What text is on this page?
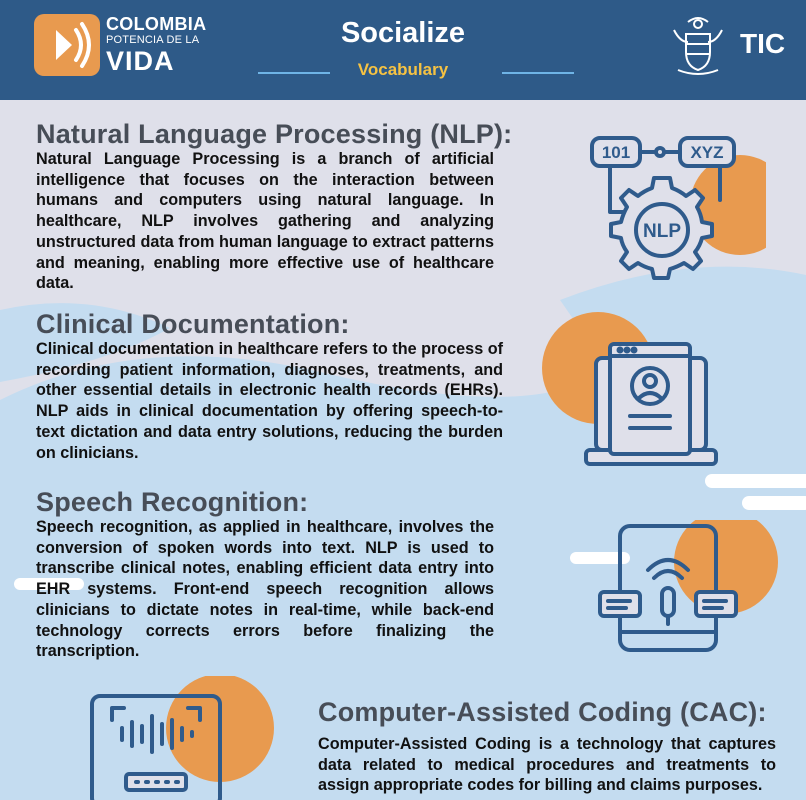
COLOMBIA
POTENCIA DE LA
VIDA
Socialize
Vocabulary
TIC
Natural Language Processing (NLP):

Natural Language Processing is a branch of artificial intelligence that focuses on the interaction between humans and computers using natural language. In healthcare, NLP involves gathering and analyzing unstructured data from human language to extract patterns and meaning, enabling more effective use of healthcare data.

101	XYZ
NLP
Clinical Documentation:

Clinical documentation in healthcare refers to the process of recording patient information, diagnoses, treatments, and other essential details in electronic health records (EHRs). NLP aids in clinical documentation by offering speech-to-text dictation and data entry solutions, reducing the burden on clinicians.

Speech Recognition:

Speech recognition, as applied in healthcare, involves the conversion of spoken words into text. NLP is used to transcribe clinical notes, enabling efficient data entry into EHR systems. Front-end speech recognition allows clinicians to dictate notes in real-time, while back-end technology corrects errors before finalizing the transcription.

Computer-Assisted Coding (CAC):

Computer-Assisted Coding is a technology that captures data related to medical procedures and treatments to assign appropriate codes for billing and claims purposes.
